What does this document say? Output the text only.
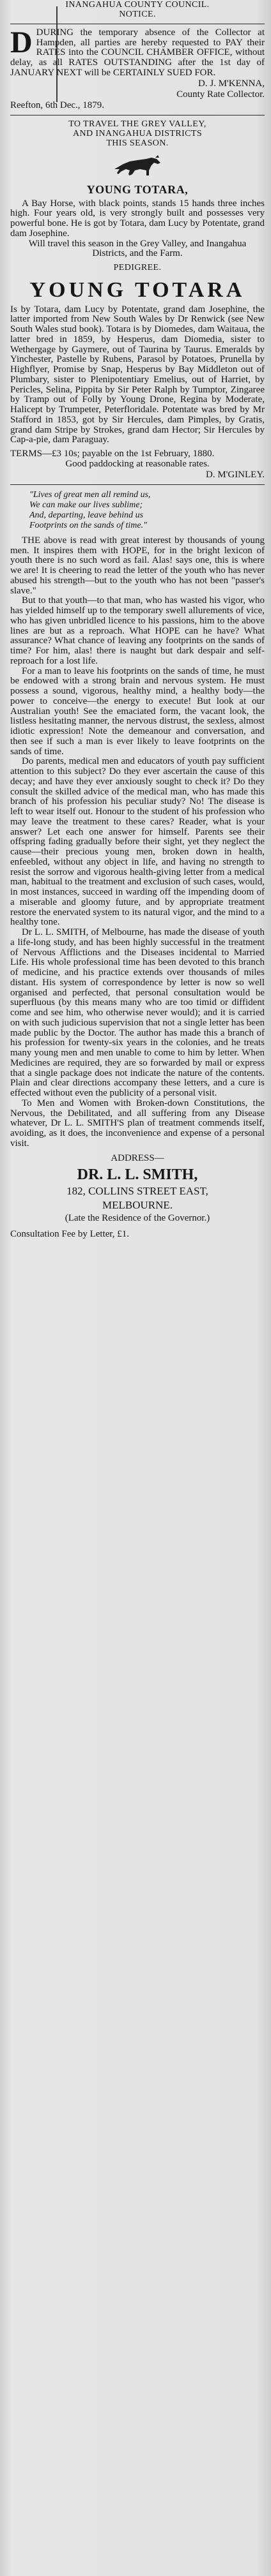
INANGAHUA COUNTY COUNCIL.

NOTICE.

D DURING the temporary absence of the Collector at Hampden, all parties are hereby requested to PAY their RATES into the COUNCIL CHAMBER OFFICE, without delay, as all RATES OUTSTANDING after the 1st day of JANUARY NEXT will be CERTAINLY SUED FOR.

D. J. M'KENNA,

County Rate Collector.

Reefton, 6th Dec., 1879.

TO TRAVEL THE GREY VALLEY,

AND INANGAHUA DISTRICTS

THIS SEASON.

YOUNG TOTARA,

A Bay Horse, with black points, stands 15 hands three inches high. Four years old, is very strongly built and possesses very powerful bone. He is got by Totara, dam Lucy by Potentate, grand dam Josephine.

Will travel this season in the Grey Valley, and Inangahua Districts, and the Farm.

PEDIGREE.

YOUNG TOTARA

Is by Totara, dam Lucy by Potentate, grand dam Josephine, the latter imported from New South Wales by Dr Renwick (see New South Wales stud book). Totara is by Diomedes, dam Waitaua, the latter bred in 1859, by Hesperus, dam Diomedia, sister to Wethergage by Gaymere, out of Taurina by Taurus. Emeralds by Yinchester, Pastelle by Rubens, Parasol by Potatoes, Prunella by Highflyer, Promise by Snap, Hesperus by Bay Middleton out of Plumbary, sister to Plenipotentiary Emelius, out of Harriet, by Pericles, Selina, Pippita by Sir Peter Ralph by Tumptor, Zingaree by Tramp out of Folly by Young Drone, Regina by Moderate, Halicept by Trumpeter, Peterfloridale. Potentate was bred by Mr Stafford in 1853, got by Sir Hercules, dam Pimples, by Gratis, grand dam Stripe by Strokes, grand dam Hector; Sir Hercules by Cap-a-pie, dam Paraguay.

TERMS—£3 10s; payable on the 1st February, 1880.

Good paddocking at reasonable rates.

D. M'GINLEY.

"Lives of great men all remind us,
We can make our lives sublime;
And, departing, leave behind us
Footprints on the sands of time."

THE above is read with great interest by thousands of young men. It inspires them with HOPE, for in the bright lexicon of youth there is no such word as fail. Alas! says one, this is where we are! It is cheering to read the letter of the youth who has never abused his strength—but to the youth who has not been "passer's slave."

But to that youth—to that man, who has wasted his vigor, who has yielded himself up to the temporary swell allurements of vice, who has given unbridled licence to his passions, him to the above lines are but as a reproach. What HOPE can he have? What assurance? What chance of leaving any footprints on the sands of time? For him, alas! there is naught but dark despair and self-reproach for a lost life.

For a man to leave his footprints on the sands of time, he must be endowed with a strong brain and nervous system. He must possess a sound, vigorous, healthy mind, a healthy body—the power to conceive—the energy to execute! But look at our Australian youth! See the emaciated form, the vacant look, the listless hesitating manner, the nervous distrust, the sexless, almost idiotic expression! Note the demeanour and conversation, and then see if such a man is ever likely to leave footprints on the sands of time.

Do parents, medical men and educators of youth pay sufficient attention to this subject? Do they ever ascertain the cause of this decay; and have they ever anxiously sought to check it? Do they consult the skilled advice of the medical man, who has made this branch of his profession his peculiar study? No! The disease is left to wear itself out. Honour to the student of his profession who may leave the treatment to these cares? Reader, what is your answer? Let each one answer for himself. Parents see their offspring fading gradually before their sight, yet they neglect the cause—their precious young men, broken down in health, enfeebled, without any object in life, and having no strength to resist the sorrow and vigorous health-giving letter from a medical man, habitual to the treatment and exclusion of such cases, would, in most instances, succeed in warding off the impending doom of a miserable and gloomy future, and by appropriate treatment restore the enervated system to its natural vigor, and the mind to a healthy tone.

Dr L. L. SMITH, of Melbourne, has made the disease of youth a life-long study, and has been highly successful in the treatment of Nervous Afflictions and the Diseases incidental to Married Life. His whole professional time has been devoted to this branch of medicine, and his practice extends over thousands of miles distant. His system of correspondence by letter is now so well organised and perfected, that personal consultation would be superfluous (by this means many who are too timid or diffident come and see him, who otherwise never would); and it is carried on with such judicious supervision that not a single letter has been made public by the Doctor. The author has made this a branch of his profession for twenty-six years in the colonies, and he treats many young men and men unable to come to him by letter. When Medicines are required, they are so forwarded by mail or express that a single package does not indicate the nature of the contents. Plain and clear directions accompany these letters, and a cure is effected without even the publicity of a personal visit.

To Men and Women with Broken-down Constitutions, the Nervous, the Debilitated, and all suffering from any Disease whatever, Dr L. L. SMITH'S plan of treatment commends itself, avoiding, as it does, the inconvenience and expense of a personal visit.

ADDRESS—

DR. L. L. SMITH,

182, COLLINS STREET EAST,

MELBOURNE.

(Late the Residence of the Governor.)

Consultation Fee by Letter, £1.
